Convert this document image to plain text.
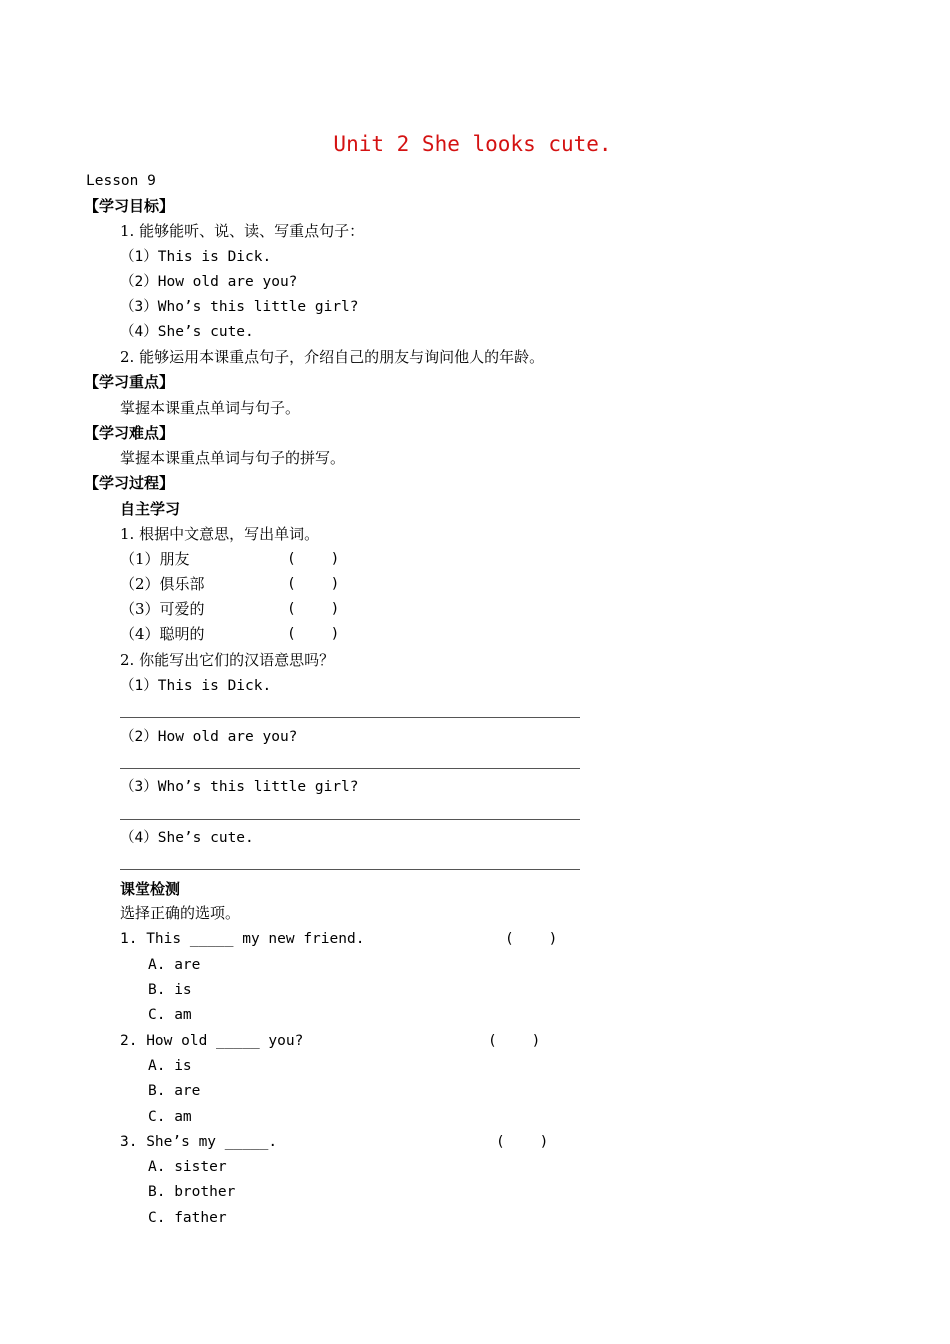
Unit 2 She looks cute.
Lesson 9
【学习目标】
1. 能够能听、说、读、写重点句子：
（1）This is Dick.
（2）How old are you?
（3）Who’s this little girl?
（4）She’s cute.
2. 能够运用本课重点句子，介绍自己的朋友与询问他人的年龄。
【学习重点】
掌握本课重点单词与句子。
【学习难点】
掌握本课重点单词与句子的拼写。
【学习过程】
自主学习
1. 根据中文意思，写出单词。
（1）朋友	(    )
（2）俱乐部	(    )
（3）可爱的	(    )
（4）聪明的	(    )
2. 你能写出它们的汉语意思吗？
（1）This is Dick.
（2）How old are you?
（3）Who’s this little girl?
（4）She’s cute.
课堂检测
选择正确的选项。
1. This _____ my new friend.	(    )
A. are
B. is
C. am
2. How old _____ you?	(    )
A. is
B. are
C. am
3. She’s my _____.	(    )
A. sister
B. brother
C. father
